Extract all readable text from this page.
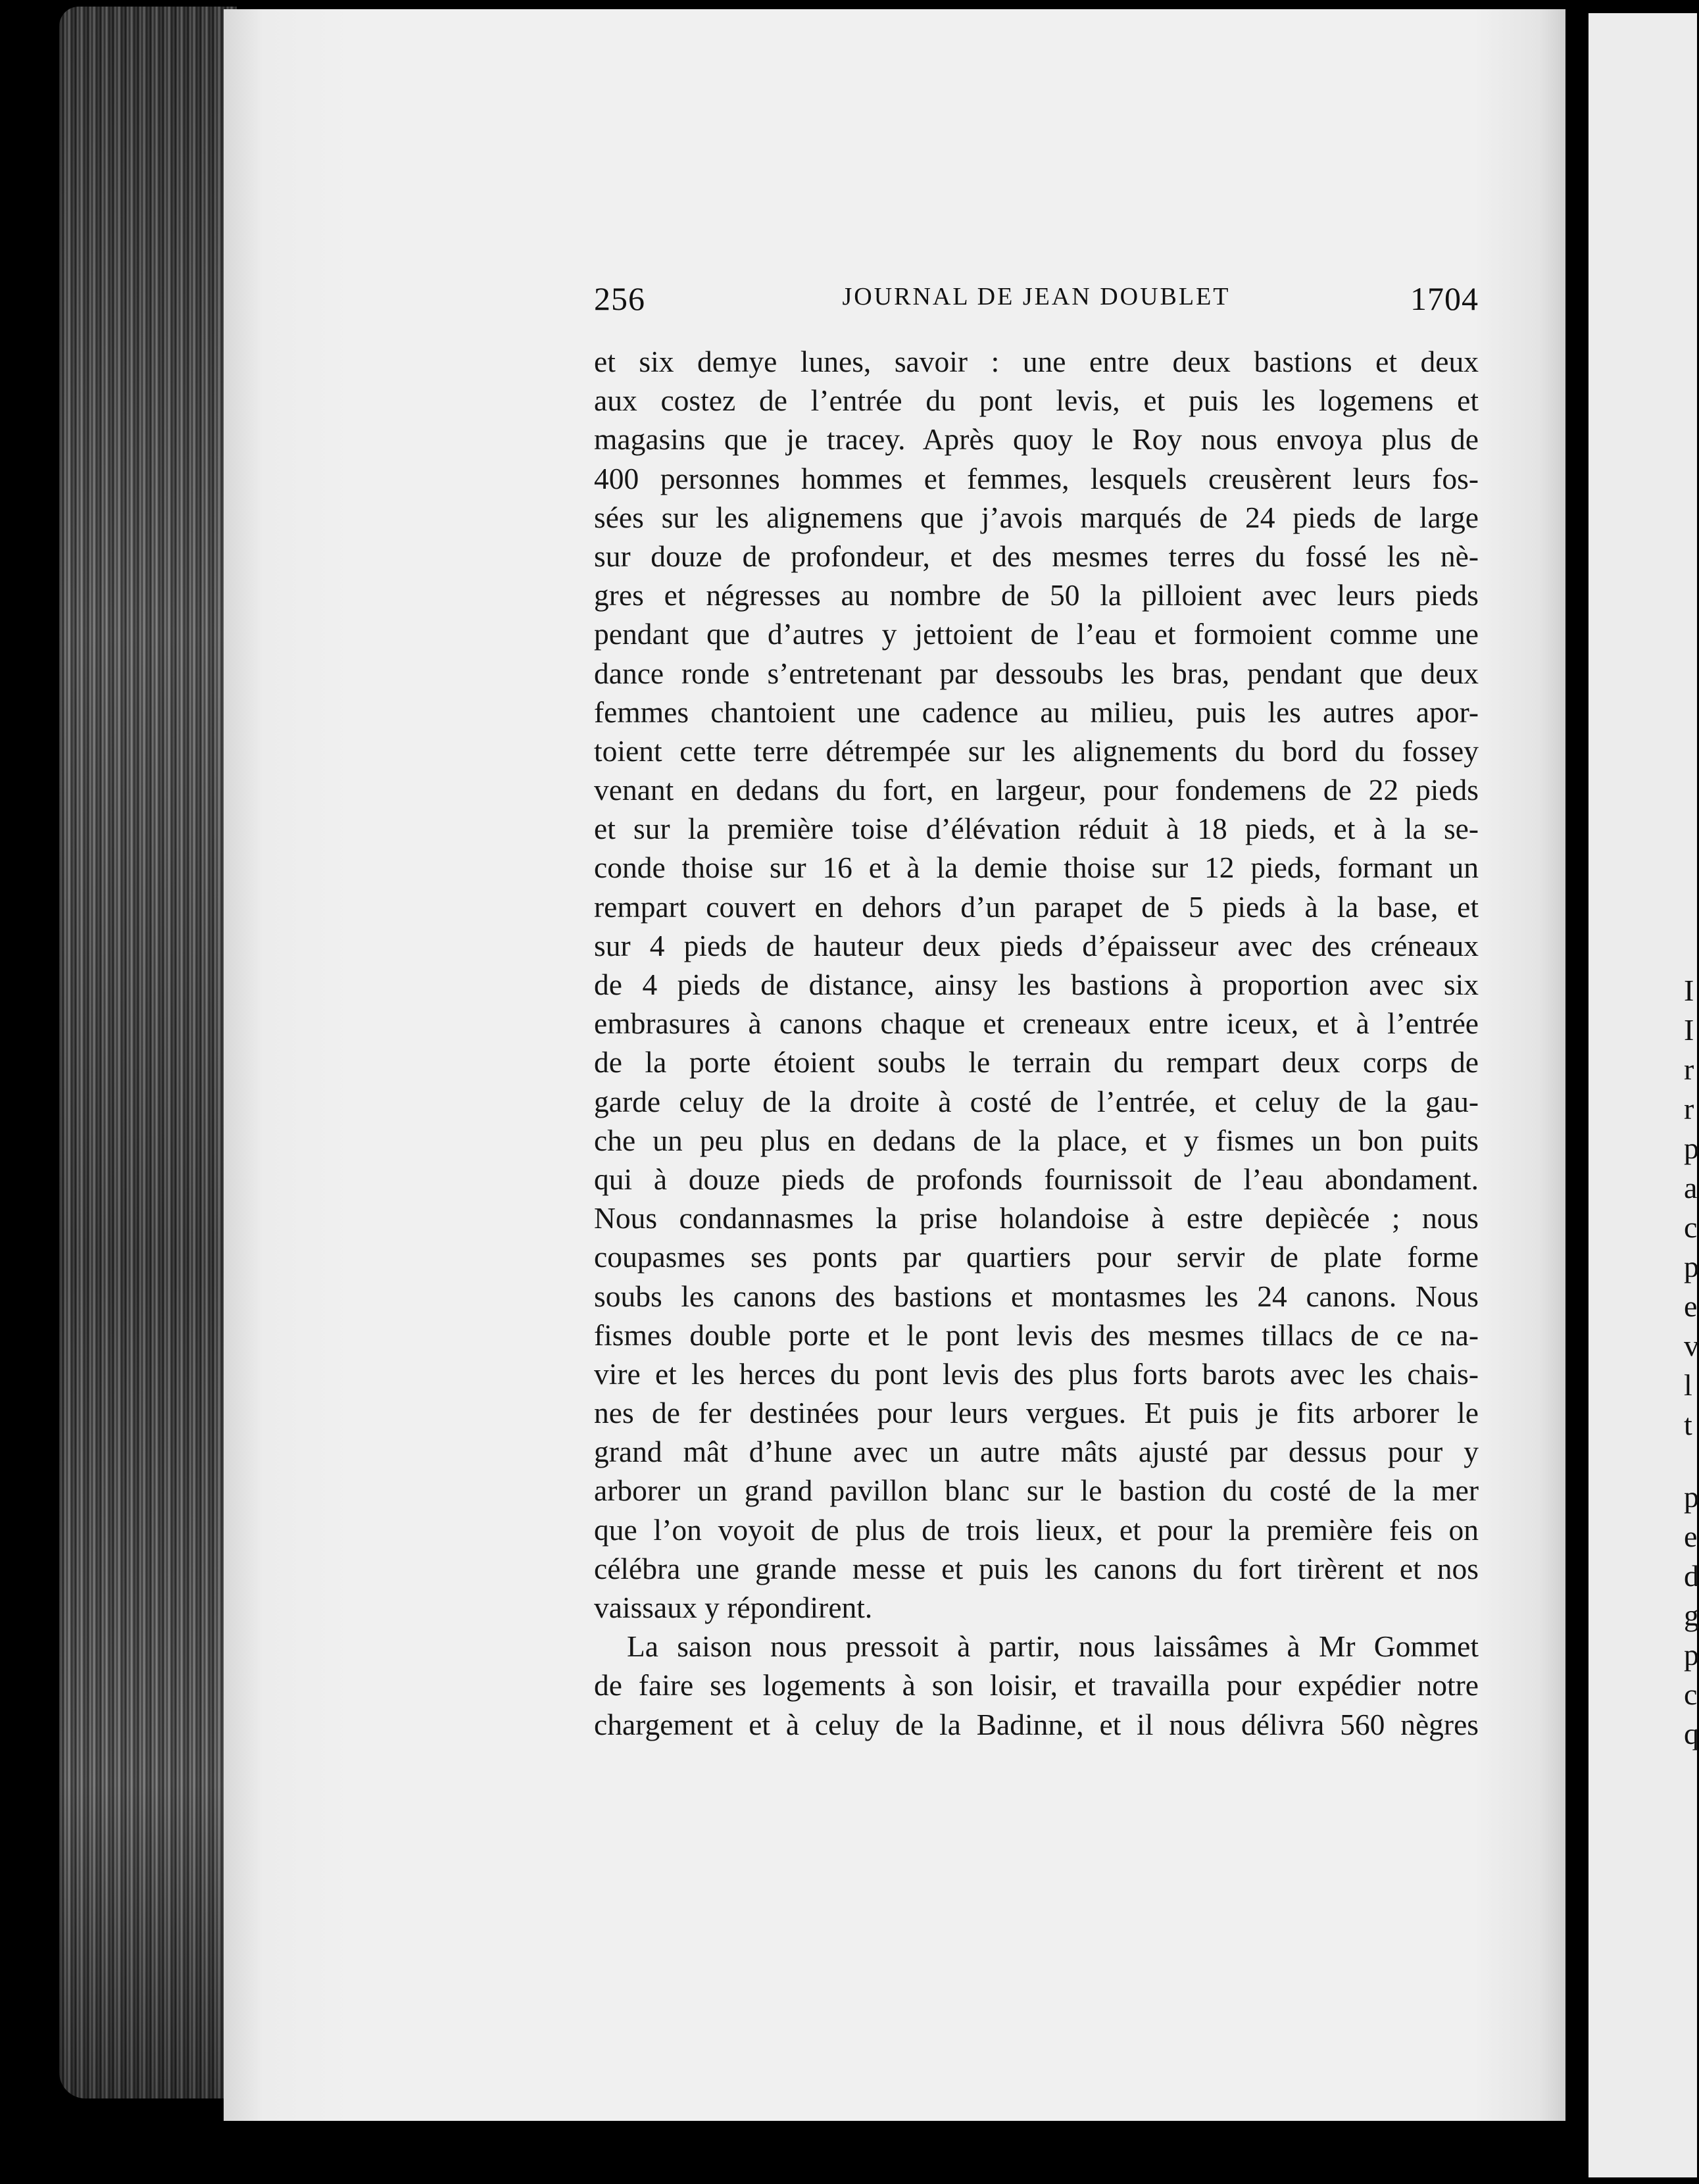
256	JOURNAL DE JEAN DOUBLET	1704
et six demye lunes, savoir : une entre deux bastions et deux
aux costez de l’entrée du pont levis, et puis les logemens et
magasins que je tracey. Après quoy le Roy nous envoya plus de
400 personnes hommes et femmes, lesquels creusèrent leurs fos-
sées sur les alignemens que j’avois marqués de 24 pieds de large
sur douze de profondeur, et des mesmes terres du fossé les nè-
gres et négresses au nombre de 50 la pilloient avec leurs pieds
pendant que d’autres y jettoient de l’eau et formoient comme une
dance ronde s’entretenant par dessoubs les bras, pendant que deux
femmes chantoient une cadence au milieu, puis les autres apor-
toient cette terre détrempée sur les alignements du bord du fossey
venant en dedans du fort, en largeur, pour fondemens de 22 pieds
et sur la première toise d’élévation réduit à 18 pieds, et à la se-
conde thoise sur 16 et à la demie thoise sur 12 pieds, formant un
rempart couvert en dehors d’un parapet de 5 pieds à la base, et
sur 4 pieds de hauteur deux pieds d’épaisseur avec des créneaux
de 4 pieds de distance, ainsy les bastions à proportion avec six
embrasures à canons chaque et creneaux entre iceux, et à l’entrée
de la porte étoient soubs le terrain du rempart deux corps de
garde celuy de la droite à costé de l’entrée, et celuy de la gau-
che un peu plus en dedans de la place, et y fismes un bon puits
qui à douze pieds de profonds fournissoit de l’eau abondament.
Nous condannasmes la prise holandoise à estre depiècée ; nous
coupasmes ses ponts par quartiers pour servir de plate forme
soubs les canons des bastions et montasmes les 24 canons. Nous
fismes double porte et le pont levis des mesmes tillacs de ce na-
vire et les herces du pont levis des plus forts barots avec les chais-
nes de fer destinées pour leurs vergues. Et puis je fits arborer le
grand mât d’hune avec un autre mâts ajusté par dessus pour y
arborer un grand pavillon blanc sur le bastion du costé de la mer
que l’on voyoit de plus de trois lieux, et pour la première feis on
célébra une grande messe et puis les canons du fort tirèrent et nos
vaissaux y répondirent.
La saison nous pressoit à partir, nous laissâmes à Mr Gommet
de faire ses logements à son loisir, et travailla pour expédier notre
chargement et à celuy de la Badinne, et il nous délivra 560 nègres
I
I
r
r
p
a
c
p
e
v
l
t
p
e
d
g
p
c
q
